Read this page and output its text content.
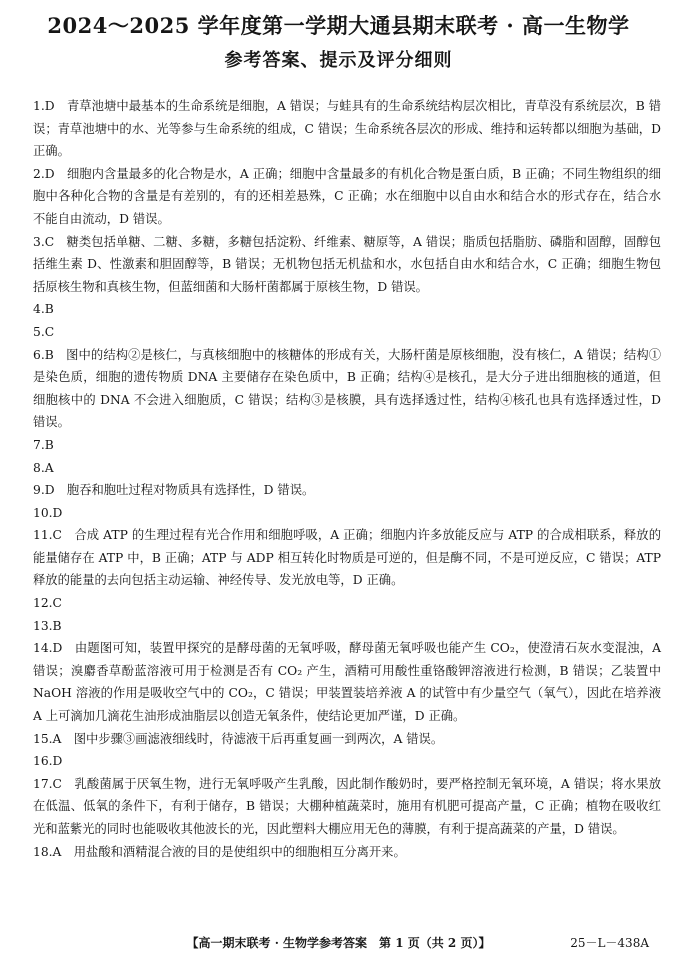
2024～2025 学年度第一学期大通县期末联考 · 高一生物学
参考答案、提示及评分细则
1.D  青草池塘中最基本的生命系统是细胞，A 错误；与蛙具有的生命系统结构层次相比，青草没有系统层次，B 错误；青草池塘中的水、光等参与生命系统的组成，C 错误；生命系统各层次的形成、维持和运转都以细胞为基础，D 正确。
2.D  细胞内含量最多的化合物是水，A 正确；细胞中含量最多的有机化合物是蛋白质，B 正确；不同生物组织的细胞中各种化合物的含量是有差别的，有的还相差悬殊，C 正确；水在细胞中以自由水和结合水的形式存在，结合水不能自由流动，D 错误。
3.C  糖类包括单糖、二糖、多糖，多糖包括淀粉、纤维素、糖原等，A 错误；脂质包括脂肪、磷脂和固醇，固醇包括维生素 D、性激素和胆固醇等，B 错误；无机物包括无机盐和水，水包括自由水和结合水，C 正确；细胞生物包括原核生物和真核生物，但蓝细菌和大肠杆菌都属于原核生物，D 错误。
4.B
5.C
6.B  图中的结构②是核仁，与真核细胞中的核糖体的形成有关，大肠杆菌是原核细胞，没有核仁，A 错误；结构①是染色质，细胞的遗传物质 DNA 主要储存在染色质中，B 正确；结构④是核孔，是大分子进出细胞核的通道，但细胞核中的 DNA 不会进入细胞质，C 错误；结构③是核膜，具有选择透过性，结构④核孔也具有选择透过性，D 错误。
7.B
8.A
9.D  胞吞和胞吐过程对物质具有选择性，D 错误。
10.D
11.C  合成 ATP 的生理过程有光合作用和细胞呼吸，A 正确；细胞内许多放能反应与 ATP 的合成相联系，释放的能量储存在 ATP 中，B 正确；ATP 与 ADP 相互转化时物质是可逆的，但是酶不同，不是可逆反应，C 错误；ATP 释放的能量的去向包括主动运输、神经传导、发光放电等，D 正确。
12.C
13.B
14.D  由题图可知，装置甲探究的是酵母菌的无氧呼吸，酵母菌无氧呼吸也能产生 CO₂，使澄清石灰水变混浊，A 错误；溴麝香草酚蓝溶液可用于检测是否有 CO₂ 产生，酒精可用酸性重铬酸钾溶液进行检测，B 错误；乙装置中 NaOH 溶液的作用是吸收空气中的 CO₂，C 错误；甲装置装培养液 A 的试管中有少量空气（氧气），因此在培养液 A 上可滴加几滴花生油形成油脂层以创造无氧条件，使结论更加严谨，D 正确。
15.A  图中步骤③画滤液细线时，待滤液干后再重复画一到两次，A 错误。
16.D
17.C  乳酸菌属于厌氧生物，进行无氧呼吸产生乳酸，因此制作酸奶时，要严格控制无氧环境，A 错误；将水果放在低温、低氧的条件下，有利于储存，B 错误；大棚种植蔬菜时，施用有机肥可提高产量，C 正确；植物在吸收红光和蓝紫光的同时也能吸收其他波长的光，因此塑料大棚应用无色的薄膜，有利于提高蔬菜的产量，D 错误。
18.A  用盐酸和酒精混合液的目的是使组织中的细胞相互分离开来。
【高一期末联考 · 生物学参考答案　第 1 页（共 2 页）】	25－L－438A
